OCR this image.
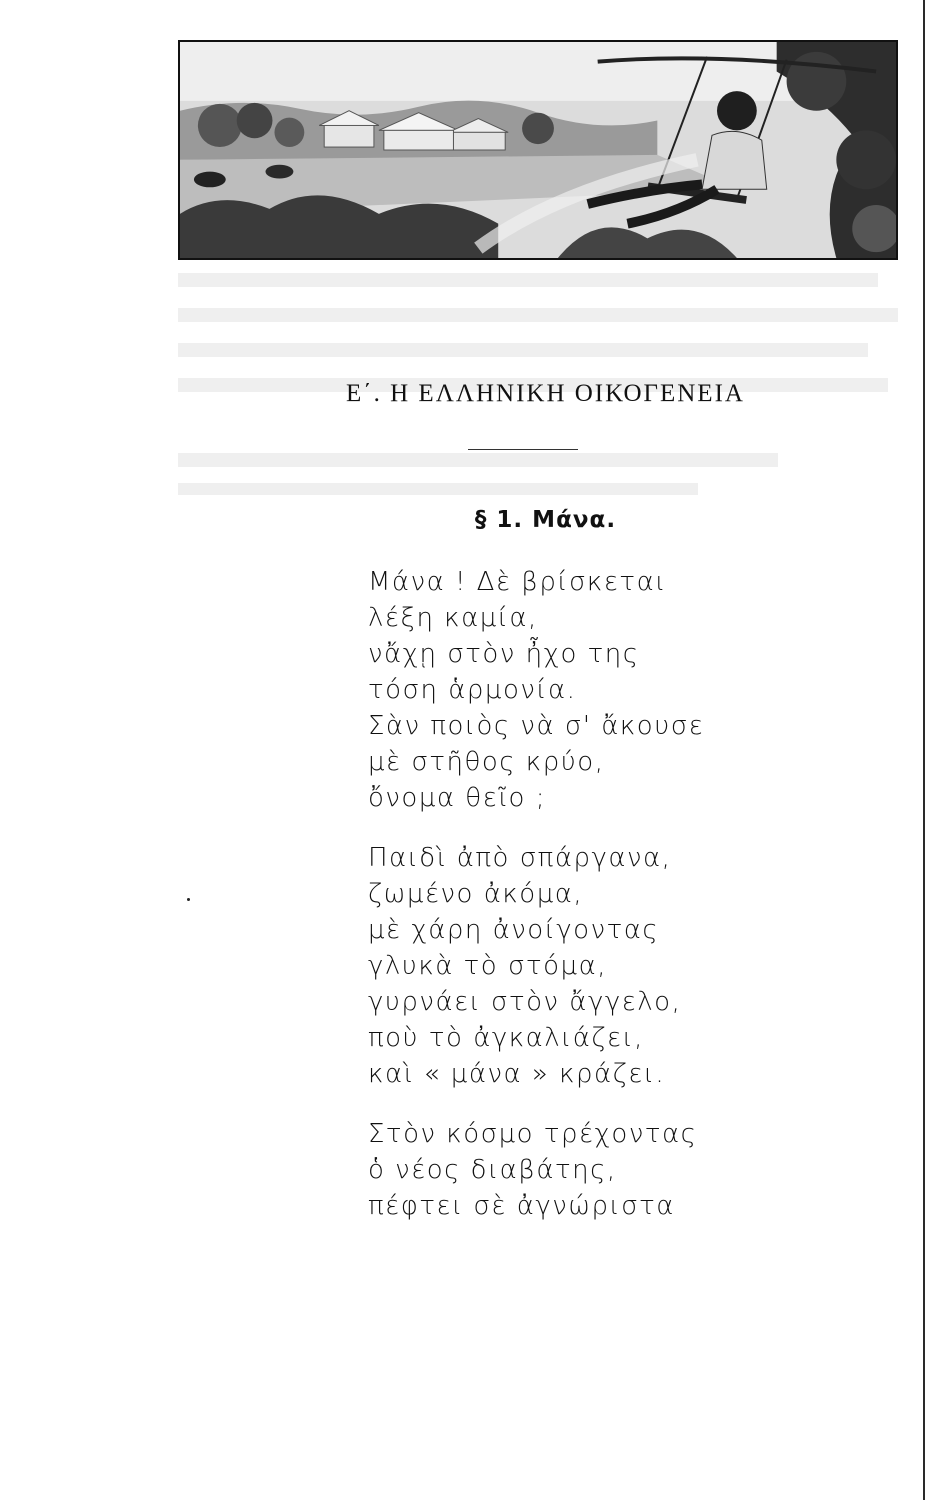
Ε΄. Η ΕΛΛΗΝΙΚΗ ΟΙΚΟΓΕΝΕΙΑ
§ 1. Μάνα.
Μάνα ! Δὲ βρίσκεται
λέξη καμία,
νἄχῃ στὸν ἦχο της
τόση ἁρμονία.
Σὰν ποιὸς νὰ σ' ἄκουσε
μὲ στῆθος κρύο,
ὄνομα θεῖο ;
Παιδὶ ἀπὸ σπάργανα,
ζωμένο ἀκόμα,
μὲ χάρη ἀνοίγοντας
γλυκὰ τὸ στόμα,
γυρνάει στὸν ἄγγελο,
ποὺ τὸ ἀγκαλιάζει,
καὶ « μάνα » κράζει.
Στὸν κόσμο τρέχοντας
ὁ νέος διαβάτης,
πέφτει σὲ ἀγνώριστα
